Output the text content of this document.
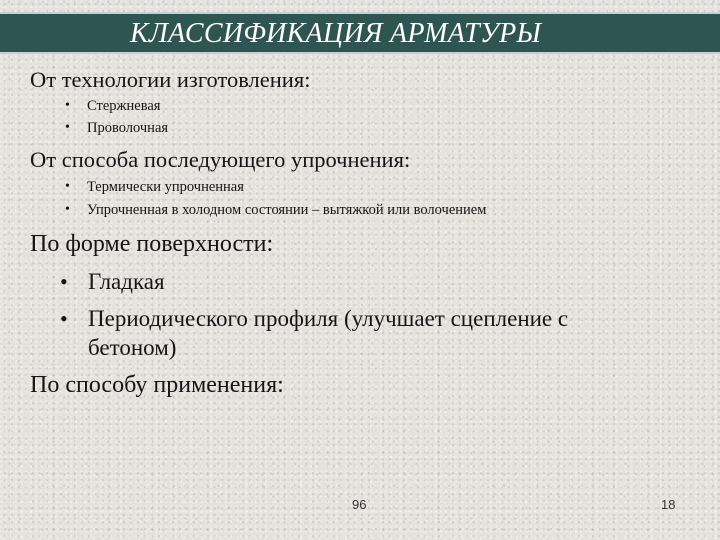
КЛАССИФИКАЦИЯ АРМАТУРЫ
От технологии изготовления:
• Стержневая
• Проволочная
От способа последующего упрочнения:
• Термически упрочненная
• Упрочненная в холодном состоянии – вытяжкой или волочением
По форме поверхности:
• Гладкая
• Периодического профиля (улучшает сцепление с
бетоном)
По способу применения:
96	18
